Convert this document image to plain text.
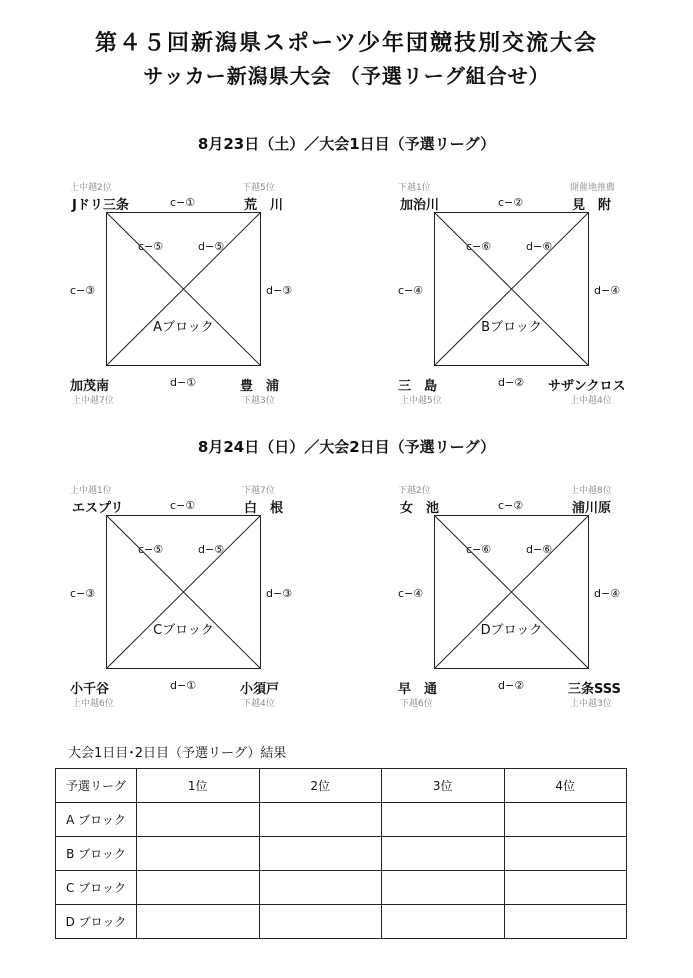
第４５回新潟県スポーツ少年団競技別交流大会
サッカー新潟県大会 （予選リーグ組合せ）
8月23日（土）／大会1日目（予選リーグ）
上中越2位	下越5位
Jドリ三条	荒　川
c−①
c−⑤	d−⑤
c−③	d−③
Aブロック
加茂南	豊　浦
d−①
上中越7位	下越3位
下越1位	開催地推薦
加治川	見　附
c−②
c−⑥	d−⑥
c−④	d−④
Bブロック
三　島	サザンクロス
d−②
上中越5位	上中越4位
8月24日（日）／大会2日目（予選リーグ）
上中越1位	下越7位
エスプリ	白　根
c−①
c−⑤	d−⑤
c−③	d−③
Cブロック
小千谷	小須戸
d−①
上中越6位	下越4位
下越2位	上中越8位
女　池	浦川原
c−②
c−⑥	d−⑥
c−④	d−④
Dブロック
早　通	三条SSS
d−②
下越6位	上中越3位
大会1日目･2日目（予選リーグ）結果
予選リーグ	1位	2位	3位	4位
A ブロック				
B ブロック				
C ブロック				
D ブロック				
